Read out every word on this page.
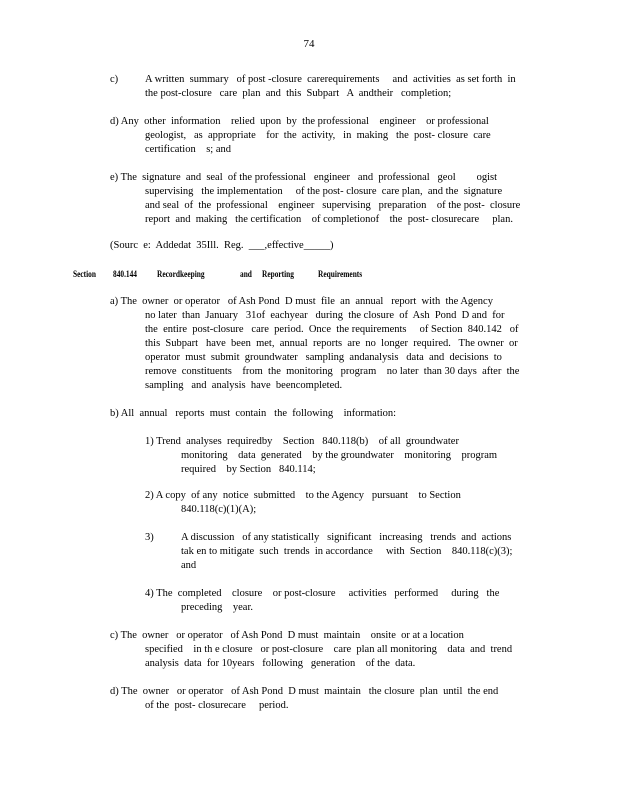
74
c)	A written  summary   of post -closure  carerequirements     and  activities  as set forth  in
the post-closure   care  plan  and  this  Subpart   A  andtheir   completion;
d) Any  other  information    relied  upon  by  the professional    engineer    or professional
geologist,   as  appropriate    for  the  activity,   in  making   the  post- closure  care
certification    s; and
e) The  signature  and  seal  of the professional   engineer   and  professional   geol        ogist
supervising   the implementation     of the post- closure  care plan,  and the  signature
and seal  of  the  professional    engineer   supervising   preparation    of the post-  closure
report  and  making   the certification    of completionof    the  post- closurecare     plan.
(Sourc  e:  Addedat  35Ill.  Reg.  ___,effective_____)
Section 840.144 Recordkeeping	and Reporting	Requirements
a) The  owner  or operator   of Ash Pond  D must  file  an  annual   report  with  the Agency
no later  than  January   31of  eachyear   during  the closure  of  Ash  Pond  D and  for
the  entire  post-closure   care  period.  Once  the requirements     of Section  840.142   of
this  Subpart   have  been  met,  annual  reports  are  no  longer  required.   The owner  or
operator  must  submit  groundwater   sampling  andanalysis   data  and  decisions  to
remove  constituents    from  the  monitoring   program    no later  than 30 days  after  the
sampling   and  analysis  have  beencompleted.
b) All  annual   reports  must  contain   the  following    information:
1) Trend  analyses  requiredby    Section   840.118(b)    of all  groundwater
monitoring    data  generated    by the groundwater    monitoring    program
required    by Section   840.114;
2) A copy  of any  notice  submitted    to the Agency   pursuant    to Section
840.118(c)(1)(A);
3)	A discussion   of any statistically   significant   increasing   trends  and  actions
tak en to mitigate  such  trends  in accordance     with  Section    840.118(c)(3);
and
4) The  completed    closure    or post-closure     activities   performed     during   the
preceding    year.
c) The  owner   or operator   of Ash Pond  D must  maintain    onsite  or at a location
specified    in th e closure   or post-closure    care  plan all monitoring    data  and  trend
analysis  data  for 10years   following   generation    of the  data.
d) The  owner   or operator   of Ash Pond  D must  maintain   the closure  plan  until  the end
of the  post- closurecare     period.
